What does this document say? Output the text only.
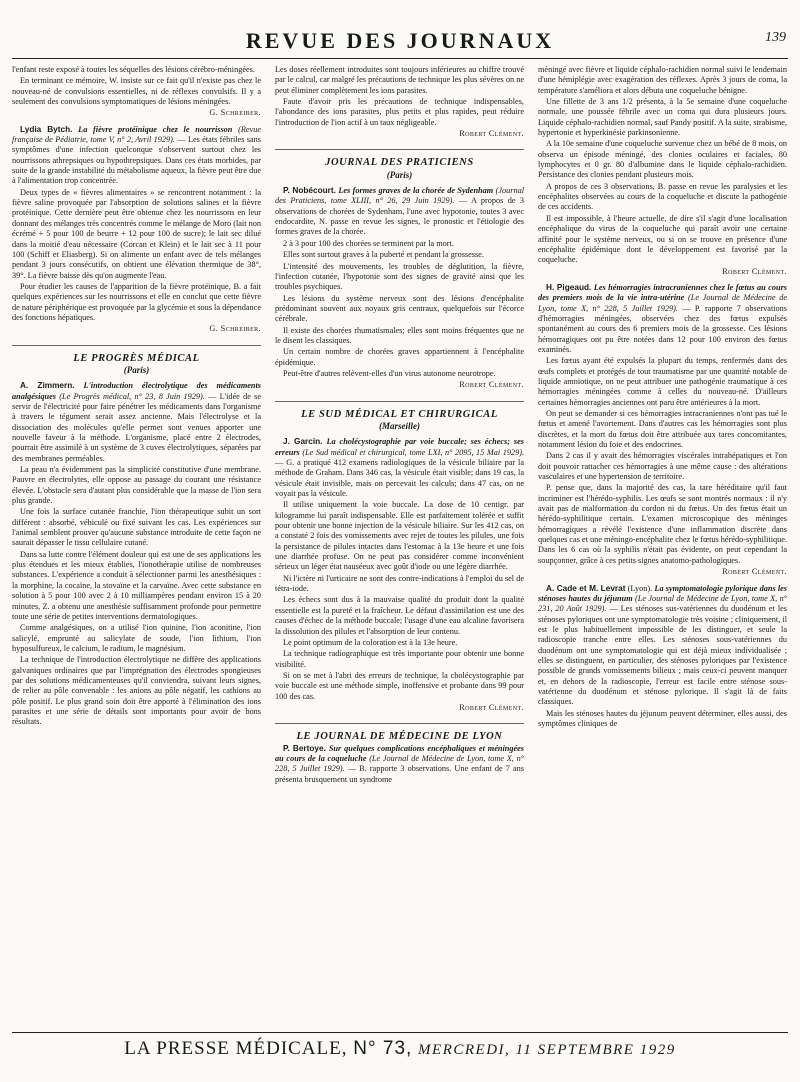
REVUE DES JOURNAUX	139

l'enfant reste exposé à toutes les séquelles des lésions cérébro-méningées.

En terminant ce mémoire, W. insiste sur ce fait qu'il n'existe pas chez le nouveau-né de convulsions essentielles, ni de réflexes convulsifs. Il y a seulement des convulsions symptomatiques de lésions méningées.

G. Schreiber.

Lydia Bytch. La fièvre protéinique chez le nourrisson (Revue française de Pédiatrie, tome V, n° 2, Avril 1929). — Les états fébriles sans symptômes d'une infection quelconque s'observent surtout chez les nourrissons athrepsiques ou hypothrepsiques. Dans ces états morbides, par suite de la grande instabilité du métabolisme aqueux, la fièvre peut être due à l'alimentation trop concentrée.

Deux types de « fièvres alimentaires » se rencontrent notamment : la fièvre saline provoquée par l'absorption de solutions salines et la fièvre protéinique. Cette dernière peut être obtenue chez les nourrissons en leur donnant des mélanges très concentrés comme le mélange de Moro (lait non écrémé + 5 pour 100 de beurre + 12 pour 100 de sucre); le lait sec dilué dans la moitié d'eau nécessaire (Corcan et Klein) et le lait sec à 11 pour 100 (Schiff et Eliasberg). Si on alimente un enfant avec de tels mélanges pendant 3 jours consécutifs, on obtient une élévation thermique de 38°, 39°. La fièvre baisse dès qu'on augmente l'eau.

Pour étudier les causes de l'apparition de la fièvre protéinique, B. a fait quelques expériences sur les nourrissons et elle en conclut que cette fièvre de nature périphérique est provoquée par la glycémie et sous la dépendance des fonctions hépatiques.

G. Schreiber.
LE PROGRÈS MÉDICAL
(Paris)

A. Zimmern. L'introduction électrolytique des médicaments analgésiques (Le Progrès médical, n° 23, 8 Juin 1929). — L'idée de se servir de l'électricité pour faire pénétrer les médicaments dans l'organisme à travers le tégument serait assez ancienne. Mais l'électrolyse et la dissociation des molécules qu'elle permet sont venues apporter une nouvelle faveur à la méthode. L'organisme, placé entre 2 électrodes, pourrait être assimilé à un système de 3 cuves électrolytiques, séparées par des membranes perméables.

La peau n'a évidemment pas la simplicité constitutive d'une membrane. Pauvre en électrolytes, elle oppose au passage du courant une résistance élevée. L'obstacle sera d'autant plus considérable que la masse de l'ion sera plus grande.

Une fois la surface cutanée franchie, l'ion thérapeutique subit un sort différent : absorbé, véhiculé ou fixé suivant les cas. Les expériences sur l'animal semblent prouver qu'aucune substance introduite de cette façon ne saurait dépasser le tissu cellulaire cutané.

Dans sa lutte contre l'élément douleur qui est une de ses applications les plus étendues et les mieux établies, l'ionothérapie utilise de nombreuses substances. L'expérience a conduit à sélectionner parmi les anesthésiques : la morphine, la cocaïne, la stovaïne et la carvaïne. Avec cette substance en solution à 5 pour 100 avec 2 à 10 milliampères pendant environ 15 à 20 minutes, Z. a obtenu une anesthésie suffisamment profonde pour permettre toute une série de petites interventions dermatologiques.

Comme analgésiques, on a utilisé l'ion quinine, l'ion aconitine, l'ion salicylé, emprunté au salicylate de soude, l'ion lithium, l'ion hyposulfureux, le calcium, le radium, le magnésium.

La technique de l'introduction électrolytique ne diffère des applications galvaniques ordinaires que par l'imprégnation des électrodes spongieuses par des solutions médicamenteuses qu'il conviendra, suivant leurs signes, de relier au pôle convenable : les anions au pôle négatif, les cathions au pôle positif. Le plus grand soin doit être apporté à l'élimination des ions parasites et une série de détails sont importants pour avoir de bons résultats.

Les doses réellement introduites sont toujours inférieures au chiffre trouvé par le calcul, car malgré les précautions de technique les plus sévères on ne peut éliminer complètement les ions parasites.

Faute d'avoir pris les précautions de technique indispensables, l'abondance des ions parasites, plus petits et plus rapides, peut réduire l'introduction de l'ion actif à un taux négligeable.

Robert Clément.
JOURNAL DES PRATICIENS
(Paris)

P. Nobécourt. Les formes graves de la chorée de Sydenham (Journal des Praticiens, tome XLIII, n° 26, 29 Juin 1929). — A propos de 3 observations de chorées de Sydenham, l'une avec hypotonie, toutes 3 avec endocardite, N. passe en revue les signes, le pronostic et l'étiologie des formes graves de la chorée.

2 à 3 pour 100 des chorées se terminent par la mort.

Elles sont surtout graves à la puberté et pendant la grossesse.

L'intensité des mouvements, les troubles de déglutition, la fièvre, l'infection cutanée, l'hypotonie sont des signes de gravité ainsi que les troubles psychiques.

Les lésions du système nerveux sont des lésions d'encéphalite prédominant souvent aux noyaux gris centraux, quelquefois sur l'écorce cérébrale.

Il existe des chorées rhumatismales; elles sont moins fréquentes que ne le disent les classiques.

Un certain nombre de chorées graves appartiennent à l'encéphalite épidémique.

Peut-être d'autres relèvent-elles d'un virus autonome neurotrope.

Robert Clément.
LE SUD MÉDICAL ET CHIRURGICAL
(Marseille)

J. Garcin. La cholécystographie par voie buccale; ses échecs; ses erreurs (Le Sud médical et chirurgical, tome LXI, n° 2095, 15 Mai 1929). — G. a pratiqué 412 examens radiologiques de la vésicule biliaire par la méthode de Graham. Dans 346 cas, la vésicule était visible; dans 19 cas, la vésicule était invisible, mais on percevait les calculs; dans 47 cas, on ne voyait pas la vésicule.

Il utilise uniquement la voie buccale. La dose de 10 centigr. par kilogramme lui paraît indispensable. Elle est parfaitement tolérée et suffit pour obtenir une bonne injection de la vésicule biliaire. Sur les 412 cas, on a constaté 2 fois des vomissements avec rejet de toutes les pilules, une fois la persistance de pilules intactes dans l'estomac à la 13e heure et une fois une diarrhée profuse. On ne peut pas considérer comme inconvénient sérieux un léger état nauséeux avec goût d'iode ou une légère diarrhée.

Ni l'ictère ni l'urticaire ne sont des contre-indications à l'emploi du sel de tétra-iode.

Les échecs sont dus à la mauvaise qualité du produit dont la qualité essentielle est la pureté et la fraîcheur. Le défaut d'assimilation est une des causes d'échec de la méthode buccale; l'usage d'une eau alcaline favorisera la dissolution des pilules et l'absorption de leur contenu.

Le point optimum de la coloration est à la 13e heure.

La technique radiographique est très importante pour obtenir une bonne visibilité.

Si on se met à l'abri des erreurs de technique, la cholécystographie par voie buccale est une méthode simple, inoffensive et probante dans 99 pour 100 des cas.

Robert Clément.
LE JOURNAL DE MÉDECINE DE LYON

P. Bertoye. Sur quelques complications encéphaliques et méningées au cours de la coqueluche (Le Journal de Médecine de Lyon, tome X, n° 228, 5 Juillet 1929). — B. rapporte 3 observations. Une enfant de 7 ans présenta brusquement un syndrome

méningé avec fièvre et liquide céphalo-rachidien normal suivi le lendemain d'une hémiplégie avec exagération des réflexes. Après 3 jours de coma, la température s'améliora et alors débuta une coqueluche bénigne.

Une fillette de 3 ans 1/2 présenta, à la 5e semaine d'une coqueluche normale, une poussée fébrile avec un coma qui dura plusieurs jours. Liquide céphalo-rachidien normal, sauf Pandy positif. A la suite, strabisme, hypertonie et hyperkinésie parkinsonienne.

A la 10e semaine d'une coqueluche survenue chez un bébé de 8 mois, on observa un épisode méningé, des clonies oculaires et faciales, 80 lymphocytes et 0 gr. 80 d'albumine dans le liquide céphalo-rachidien. Persistance des clonies pendant plusieurs mois.

A propos de ces 3 observations, B. passe en revue les paralysies et les encéphalites observées au cours de la coqueluche et discute la pathogénie de ces accidents.

Il est impossible, à l'heure actuelle, de dire s'il s'agit d'une localisation encéphalique du virus de la coqueluche qui paraît avoir une certaine affinité pour le système nerveux, ou si on se trouve en présence d'une encéphalite épidémique dont le développement est favorisé par la coqueluche.

Robert Clément.

H. Pigeaud. Les hémorragies intracraniennes chez le fœtus au cours des premiers mois de la vie intra-utérine (Le Journal de Médecine de Lyon, tome X, n° 228, 5 Juillet 1929). — P. rapporte 7 observations d'hémorragies méningées, observées chez des fœtus expulsés spontanément au cours des 6 premiers mois de la grossesse. Ces lésions hémorragiques ont pu être notées dans 12 pour 100 environ des fœtus examinés.

Les fœtus ayant été expulsés la plupart du temps, renfermés dans des œufs complets et protégés de tout traumatisme par une quantité notable de liquide amniotique, on ne peut attribuer une pathogénie traumatique à ces hémorragies méningées comme à celles du nouveau-né. D'ailleurs certaines hémorragies anciennes ont paru être antérieures à la mort.

On peut se demander si ces hémorragies intracraniennes n'ont pas tué le fœtus et amené l'avortement. Dans d'autres cas les hémorragies sont plus discrètes, et la mort du fœtus doit être attribuée aux tares concomitantes, notamment lésion du foie et des endocrines.

Dans 2 cas il y avait des hémorragies viscérales intrahépatiques et l'on doit pouvoir rattacher ces hémorragies à une même cause : des altérations vasculaires et une hypertension de territoire.

P. pense que, dans la majorité des cas, la tare héréditaire qu'il faut incriminer est l'hérédo-syphilis. Les œufs se sont montrés normaux : il n'y avait pas de malformation du cordon ni du fœtus. Un des fœtus était un hérédo-syphilitique certain. L'examen microscopique des méninges hémorragiques a révélé l'existence d'une inflammation discrète dans quelques cas et une méningo-encéphalite chez le fœtus hérédo-syphilitique. Dans les 6 cas où la syphilis n'était pas évidente, on peut cependant la soupçonner, grâce à ces petits signes anatomo-pathologiques.

Robert Clément.

A. Cade et M. Levrat (Lyon). La symptomatologie pylorique dans les sténoses hautes du jéjunum (Le Journal de Médecine de Lyon, tome X, n° 231, 20 Août 1929). — Les sténoses sus-vatériennes du duodénum et les sténoses pyloriques ont une symptomatologie très voisine ; cliniquement, il est le plus habituellement impossible de les distinguer, et seule la radioscopie tranche entre elles. Les sténoses sous-vatériennes du duodénum ont une symptomatologie qui est déjà mieux individualisée ; elles se distinguent, en particulier, des sténoses pyloriques par l'existence possible de grands vomissements bilieux ; mais ceux-ci peuvent manquer et, en dehors de la radioscopie, l'erreur est facile entre sténose sous-vatérienne du duodénum et sténose pylorique. Il s'agit là de faits classiques.

Mais les sténoses hautes du jéjunum peuvent déterminer, elles aussi, des symptômes cliniques de

LA PRESSE MÉDICALE, N° 73, MERCREDI, 11 SEPTEMBRE 1929
